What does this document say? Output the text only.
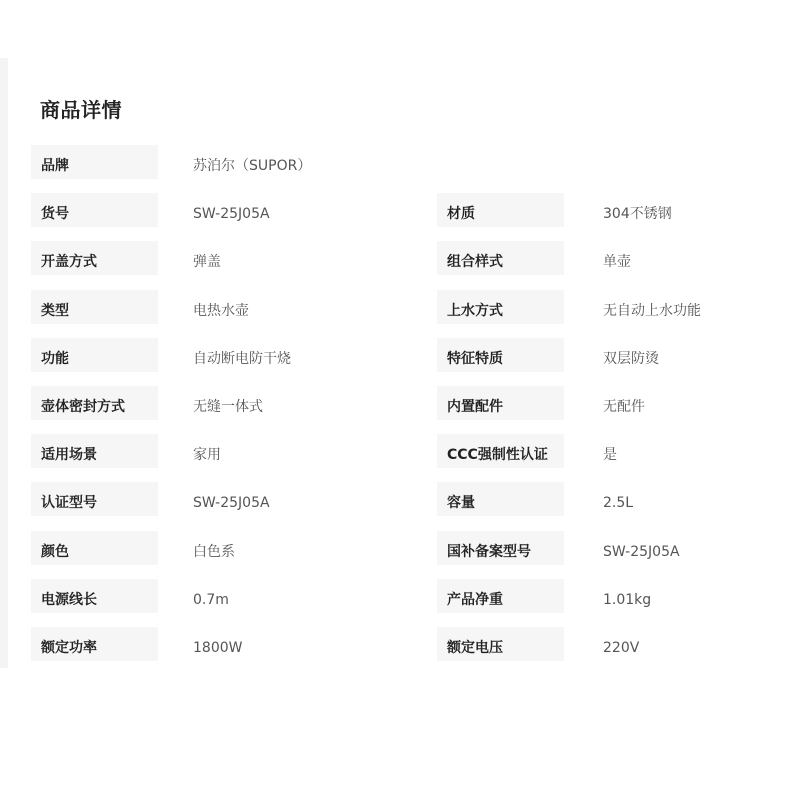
商品详情
品牌	苏泊尔（SUPOR）
货号	SW-25J05A	材质	304不锈钢
开盖方式	弹盖	组合样式	单壶
类型	电热水壶	上水方式	无自动上水功能
功能	自动断电防干烧	特征特质	双层防烫
壶体密封方式	无缝一体式	内置配件	无配件
适用场景	家用	CCC强制性认证	是
认证型号	SW-25J05A	容量	2.5L
颜色	白色系	国补备案型号	SW-25J05A
电源线长	0.7m	产品净重	1.01kg
额定功率	1800W	额定电压	220V
